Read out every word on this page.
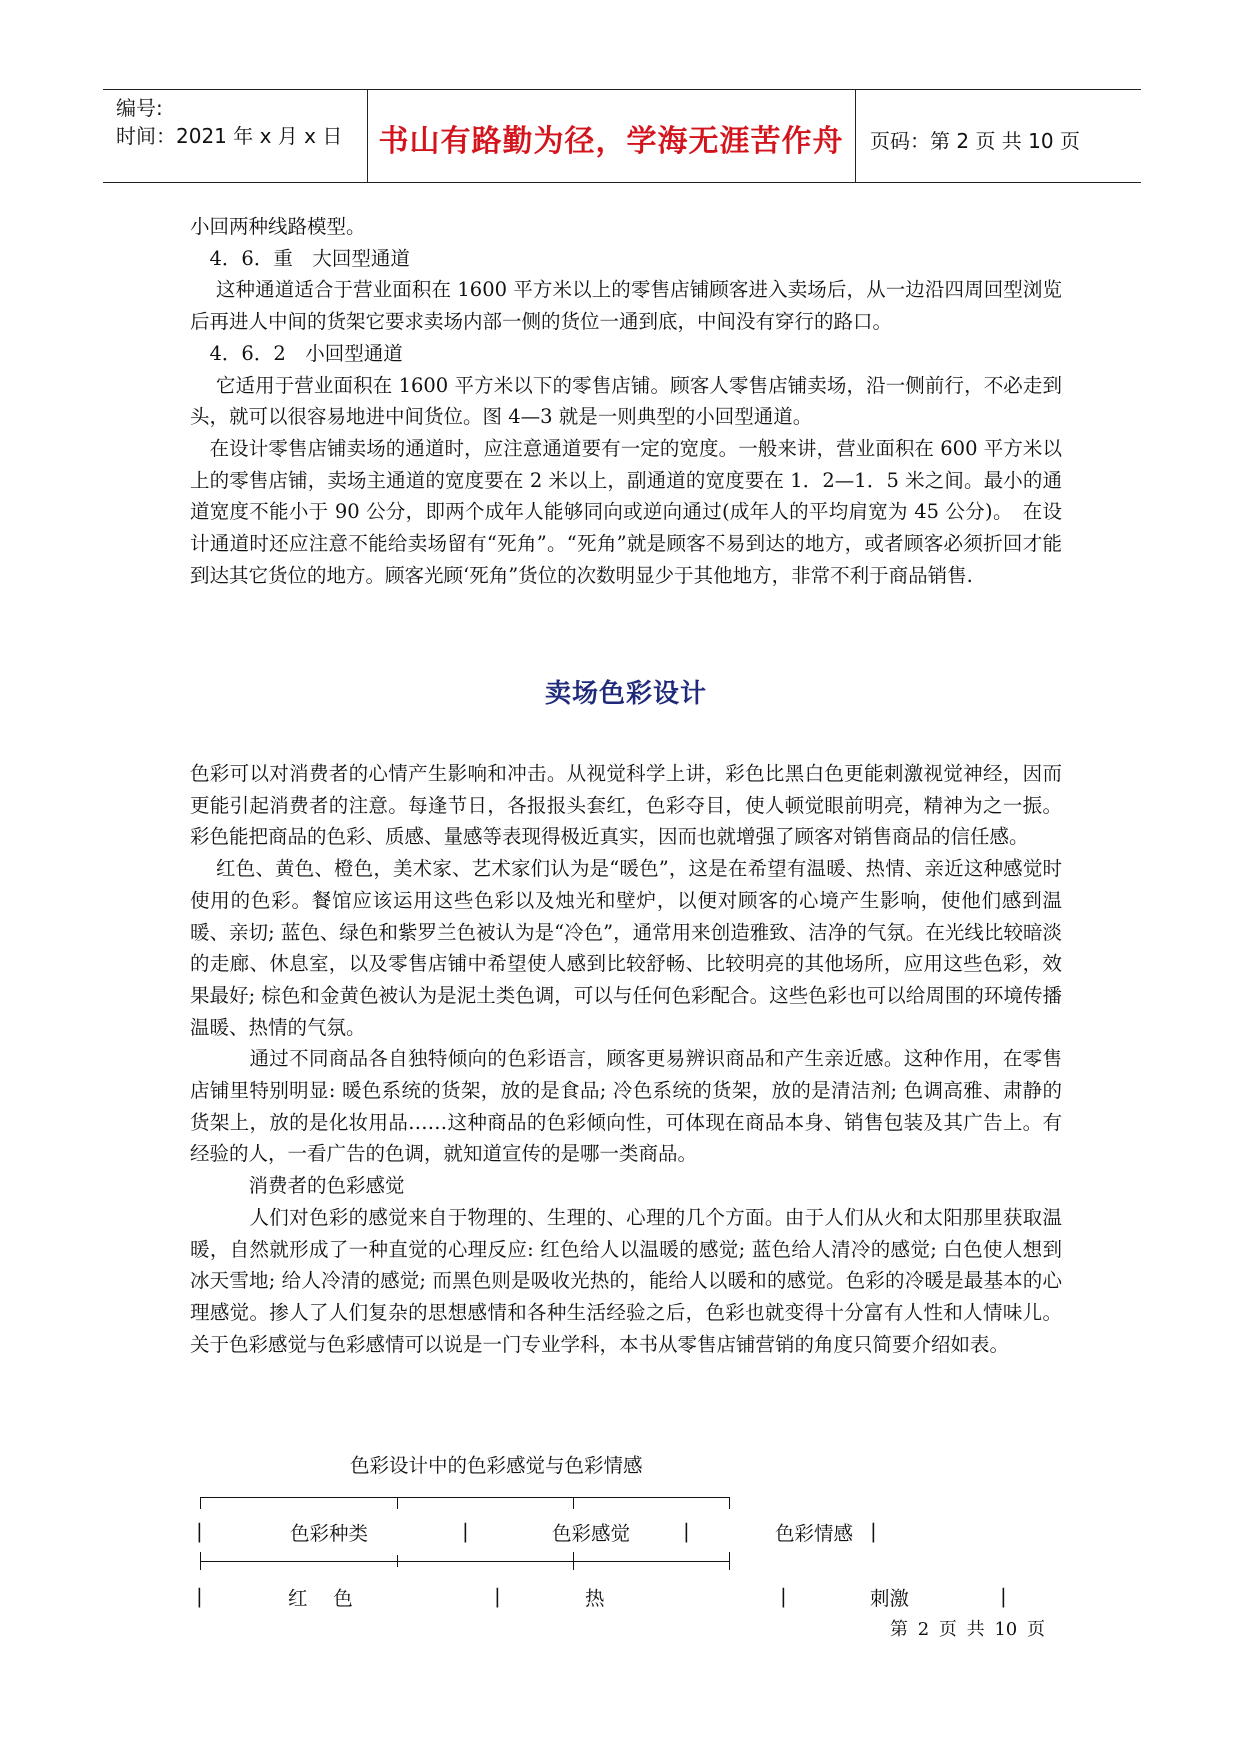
编号:
时间：2021 年 x 月 x 日 书山有路勤为径，学海无涯苦作舟	页码：第 2 页 共 10 页

小回两种线路模型。

　4．6．重　大回型通道

　 这种通道适合于营业面积在 1600 平方米以上的零售店铺顾客进入卖场后，从一边沿四周回型浏览后再进人中间的货架它要求卖场内部一侧的货位一通到底，中间没有穿行的路口。

　4．6．2　小回型通道

　 它适用于营业面积在 1600 平方米以下的零售店铺。顾客人零售店铺卖场，沿一侧前行，不必走到头，就可以很容易地进中间货位。图 4—3 就是一则典型的小回型通道。

　在设计零售店铺卖场的通道时，应注意通道要有一定的宽度。一般来讲，营业面积在 600 平方米以上的零售店铺，卖场主通道的宽度要在 2 米以上，副通道的宽度要在 1．2—1．5 米之间。最小的通道宽度不能小于 90 公分，即两个成年人能够同向或逆向通过(成年人的平均肩宽为 45 公分)。　在设计通道时还应注意不能给卖场留有“死角”。“死角”就是顾客不易到达的地方，或者顾客必须折回才能到达其它货位的地方。顾客光顾‘死角”货位的次数明显少于其他地方，非常不利于商品销售.

卖场色彩设计

色彩可以对消费者的心情产生影响和冲击。从视觉科学上讲，彩色比黑白色更能刺激视觉神经，因而更能引起消费者的注意。每逢节日，各报报头套红，色彩夺目，使人顿觉眼前明亮，精神为之一振。彩色能把商品的色彩、质感、量感等表现得极近真实，因而也就增强了顾客对销售商品的信任感。

　 红色、黄色、橙色，美术家、艺术家们认为是“暖色”，这是在希望有温暖、热情、亲近这种感觉时使用的色彩。餐馆应该运用这些色彩以及烛光和壁炉，以便对顾客的心境产生影响，使他们感到温暖、亲切; 蓝色、绿色和紫罗兰色被认为是“冷色”，通常用来创造雅致、洁净的气氛。在光线比较暗淡的走廊、休息室，以及零售店铺中希望使人感到比较舒畅、比较明亮的其他场所，应用这些色彩，效果最好; 棕色和金黄色被认为是泥土类色调，可以与任何色彩配合。这些色彩也可以给周围的环境传播温暖、热情的气氛。

　　　通过不同商品各自独特倾向的色彩语言，顾客更易辨识商品和产生亲近感。这种作用，在零售店铺里特别明显: 暖色系统的货架，放的是食品; 冷色系统的货架，放的是清洁剂; 色调高雅、肃静的货架上，放的是化妆用品……这种商品的色彩倾向性，可体现在商品本身、销售包装及其广告上。有经验的人，一看广告的色调，就知道宣传的是哪一类商品。

　　　消费者的色彩感觉

　　　人们对色彩的感觉来自于物理的、生理的、心理的几个方面。由于人们从火和太阳那里获取温暖，自然就形成了一种直觉的心理反应: 红色给人以温暖的感觉; 蓝色给人清冷的感觉; 白色使人想到冰天雪地; 给人冷清的感觉; 而黑色则是吸收光热的，能给人以暖和的感觉。色彩的冷暖是最基本的心理感觉。掺人了人们复杂的思想感情和各种生活经验之后，色彩也就变得十分富有人性和人情味儿。关于色彩感觉与色彩感情可以说是一门专业学科，本书从零售店铺营销的角度只简要介绍如表。

色彩设计中的色彩感觉与色彩情感
|	色彩种类	|	色彩感觉	|	色彩情感 |
|	红　 色	|	热	|	刺激	|
第 2 页 共 10 页
